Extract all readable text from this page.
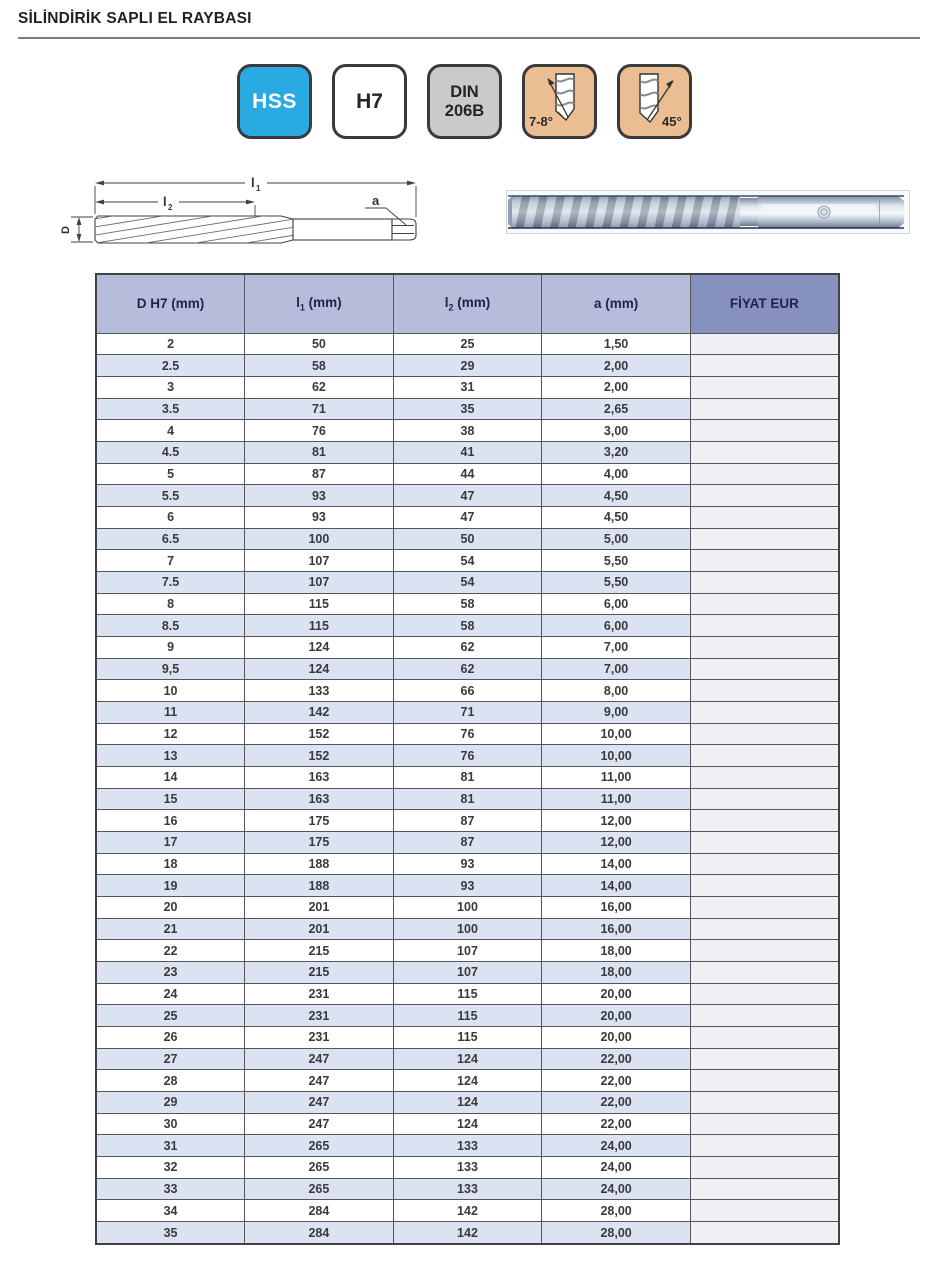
SİLİNDİRİK SAPLI EL RAYBASI
HSS	H7	DIN
206B
7-8°	45°
l 1
l 2	a
D
D H7 (mm)	$l_1$ (mm)	$l_2$ (mm)	a (mm)	FİYAT EUR
2	50	25	1,50	
2.5	58	29	2,00	
3	62	31	2,00	
3.5	71	35	2,65	
4	76	38	3,00	
4.5	81	41	3,20	
5	87	44	4,00	
5.5	93	47	4,50	
6	93	47	4,50	
6.5	100	50	5,00	
7	107	54	5,50	
7.5	107	54	5,50	
8	115	58	6,00	
8.5	115	58	6,00	
9	124	62	7,00	
9,5	124	62	7,00	
10	133	66	8,00	
11	142	71	9,00	
12	152	76	10,00	
13	152	76	10,00	
14	163	81	11,00	
15	163	81	11,00	
16	175	87	12,00	
17	175	87	12,00	
18	188	93	14,00	
19	188	93	14,00	
20	201	100	16,00	
21	201	100	16,00	
22	215	107	18,00	
23	215	107	18,00	
24	231	115	20,00	
25	231	115	20,00	
26	231	115	20,00	
27	247	124	22,00	
28	247	124	22,00	
29	247	124	22,00	
30	247	124	22,00	
31	265	133	24,00	
32	265	133	24,00	
33	265	133	24,00	
34	284	142	28,00	
35	284	142	28,00	
